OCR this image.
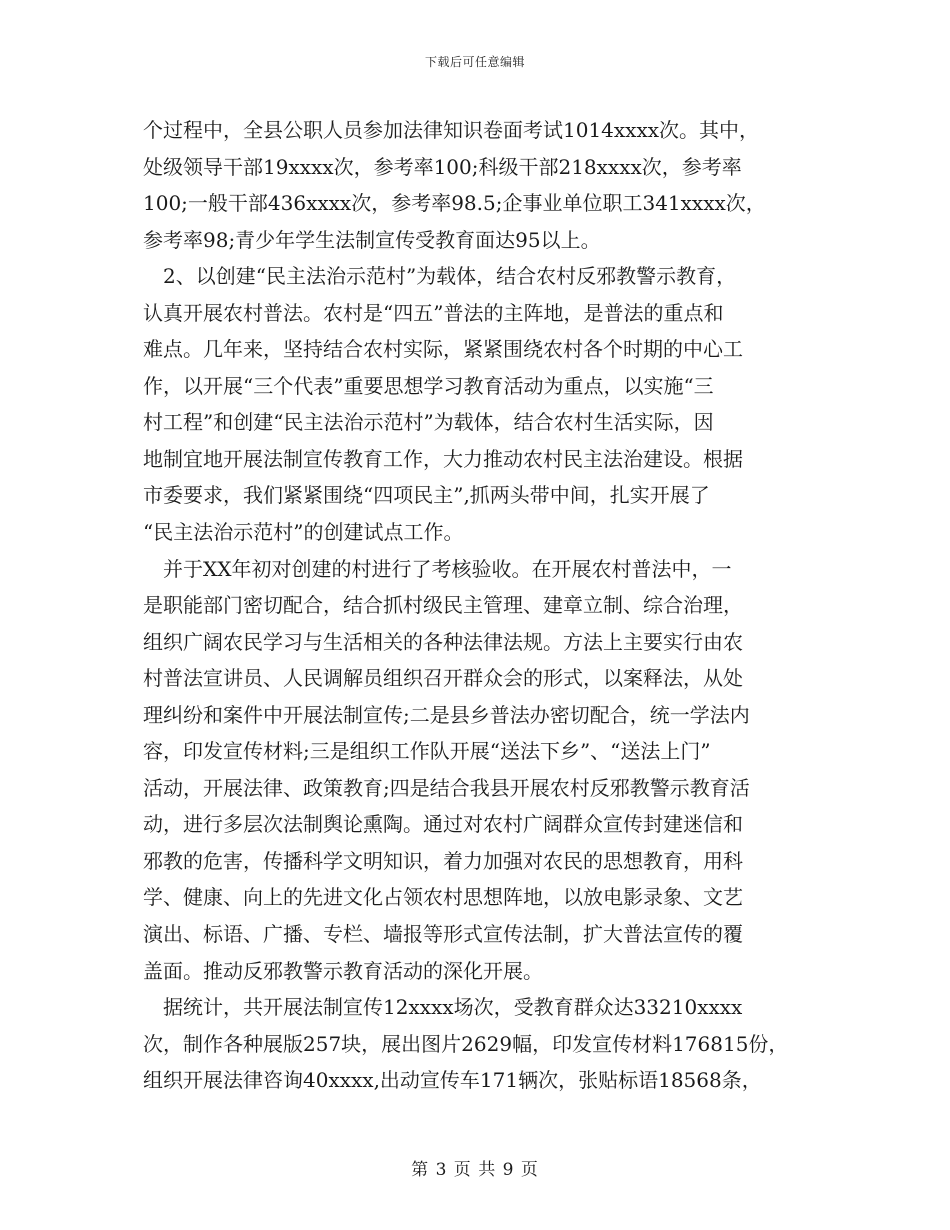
下载后可任意编辑
个过程中，全县公职人员参加法律知识卷面考试1014xxxx次。其中，
处级领导干部19xxxx次，参考率100;科级干部218xxxx次，参考率
100;一般干部436xxxx次，参考率98.5;企事业单位职工341xxxx次，
参考率98;青少年学生法制宣传受教育面达95以上。
　2、以创建“民主法治示范村”为载体，结合农村反邪教警示教育，
认真开展农村普法。农村是“四五”普法的主阵地，是普法的重点和
难点。几年来，坚持结合农村实际，紧紧围绕农村各个时期的中心工
作，以开展“三个代表”重要思想学习教育活动为重点，以实施“三
村工程”和创建“民主法治示范村”为载体，结合农村生活实际，因
地制宜地开展法制宣传教育工作，大力推动农村民主法治建设。根据
市委要求，我们紧紧围绕“四项民主”,抓两头带中间，扎实开展了
“民主法治示范村”的创建试点工作。
　并于XX年初对创建的村进行了考核验收。在开展农村普法中，一
是职能部门密切配合，结合抓村级民主管理、建章立制、综合治理，
组织广阔农民学习与生活相关的各种法律法规。方法上主要实行由农
村普法宣讲员、人民调解员组织召开群众会的形式，以案释法，从处
理纠纷和案件中开展法制宣传;二是县乡普法办密切配合，统一学法内
容，印发宣传材料;三是组织工作队开展“送法下乡”、“送法上门”
活动，开展法律、政策教育;四是结合我县开展农村反邪教警示教育活
动，进行多层次法制舆论熏陶。通过对农村广阔群众宣传封建迷信和
邪教的危害，传播科学文明知识，着力加强对农民的思想教育，用科
学、健康、向上的先进文化占领农村思想阵地，以放电影录象、文艺
演出、标语、广播、专栏、墙报等形式宣传法制，扩大普法宣传的覆
盖面。推动反邪教警示教育活动的深化开展。
　据统计，共开展法制宣传12xxxx场次，受教育群众达33210xxxx
次，制作各种展版257块，展出图片2629幅，印发宣传材料176815份，
组织开展法律咨询40xxxx,出动宣传车171辆次，张贴标语18568条，
第 3 页 共 9 页
